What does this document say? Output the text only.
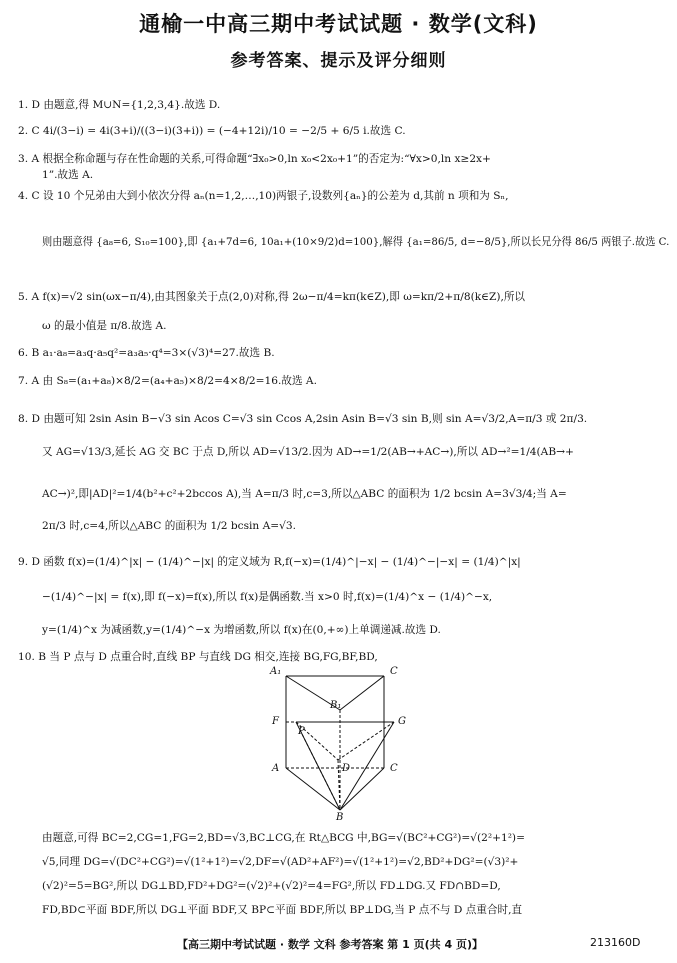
通榆一中高三期中考试试题 · 数学(文科)
参考答案、提示及评分细则
1. D 由题意,得 M∪N={1,2,3,4}.故选 D.
2. C 4i/(3−i) = 4i(3+i)/((3−i)(3+i)) = (−4+12i)/10 = −2/5 + 6/5 i.故选 C.
3. A 根据全称命题与存在性命题的关系,可得命题“∃x₀>0,ln x₀<2x₀+1”的否定为:“∀x>0,ln x≥2x+
1”.故选 A.
4. C 设 10 个兄弟由大到小依次分得 aₙ(n=1,2,…,10)两银子,设数列{aₙ}的公差为 d,其前 n 项和为 Sₙ,
则由题意得 {a₈=6, S₁₀=100},即 {a₁+7d=6, 10a₁+(10×9/2)d=100},解得 {a₁=86/5, d=−8/5},所以长兄分得 86/5 两银子.故选 C.
5. A f(x)=√2 sin(ωx−π/4),由其图象关于点(2,0)对称,得 2ω−π/4=kπ(k∈Z),即 ω=kπ/2+π/8(k∈Z),所以
ω 的最小值是 π/8.故选 A.
6. B a₁·a₈=a₃q·a₅q²=a₃a₅·q⁴=3×(√3)⁴=27.故选 B.
7. A 由 S₈=(a₁+a₈)×8/2=(a₄+a₅)×8/2=4×8/2=16.故选 A.
8. D 由题可知 2sin Asin B−√3 sin Acos C=√3 sin Ccos A,2sin Asin B=√3 sin B,则 sin A=√3/2,A=π/3 或 2π/3.
又 AG=√13/3,延长 AG 交 BC 于点 D,所以 AD=√13/2.因为 AD→=1/2(AB→+AC→),所以 AD→²=1/4(AB→+
AC→)²,即|AD|²=1/4(b²+c²+2bccos A),当 A=π/3 时,c=3,所以△ABC 的面积为 1/2 bcsin A=3√3/4;当 A=
2π/3 时,c=4,所以△ABC 的面积为 1/2 bcsin A=√3.
9. D 函数 f(x)=(1/4)^|x| − (1/4)^−|x| 的定义域为 R,f(−x)=(1/4)^|−x| − (1/4)^−|−x| = (1/4)^|x|
−(1/4)^−|x| = f(x),即 f(−x)=f(x),所以 f(x)是偶函数.当 x>0 时,f(x)=(1/4)^x − (1/4)^−x,
y=(1/4)^x 为减函数,y=(1/4)^−x 为增函数,所以 f(x)在(0,+∞)上单调递减.故选 D.
10. B 当 P 点与 D 点重合时,直线 BP 与直线 DG 相交,连接 BG,FG,BF,BD,
A₁	C
B₁
F
P
G
A	D	C
B
由题意,可得 BC=2,CG=1,FG=2,BD=√3,BC⊥CG,在 Rt△BCG 中,BG=√(BC²+CG²)=√(2²+1²)=
√5,同理 DG=√(DC²+CG²)=√(1²+1²)=√2,DF=√(AD²+AF²)=√(1²+1²)=√2,BD²+DG²=(√3)²+
(√2)²=5=BG²,所以 DG⊥BD,FD²+DG²=(√2)²+(√2)²=4=FG²,所以 FD⊥DG.又 FD∩BD=D,
FD,BD⊂平面 BDF,所以 DG⊥平面 BDF,又 BP⊂平面 BDF,所以 BP⊥DG,当 P 点不与 D 点重合时,直
【高三期中考试试题 · 数学 文科 参考答案 第 1 页(共 4 页)】	213160D
